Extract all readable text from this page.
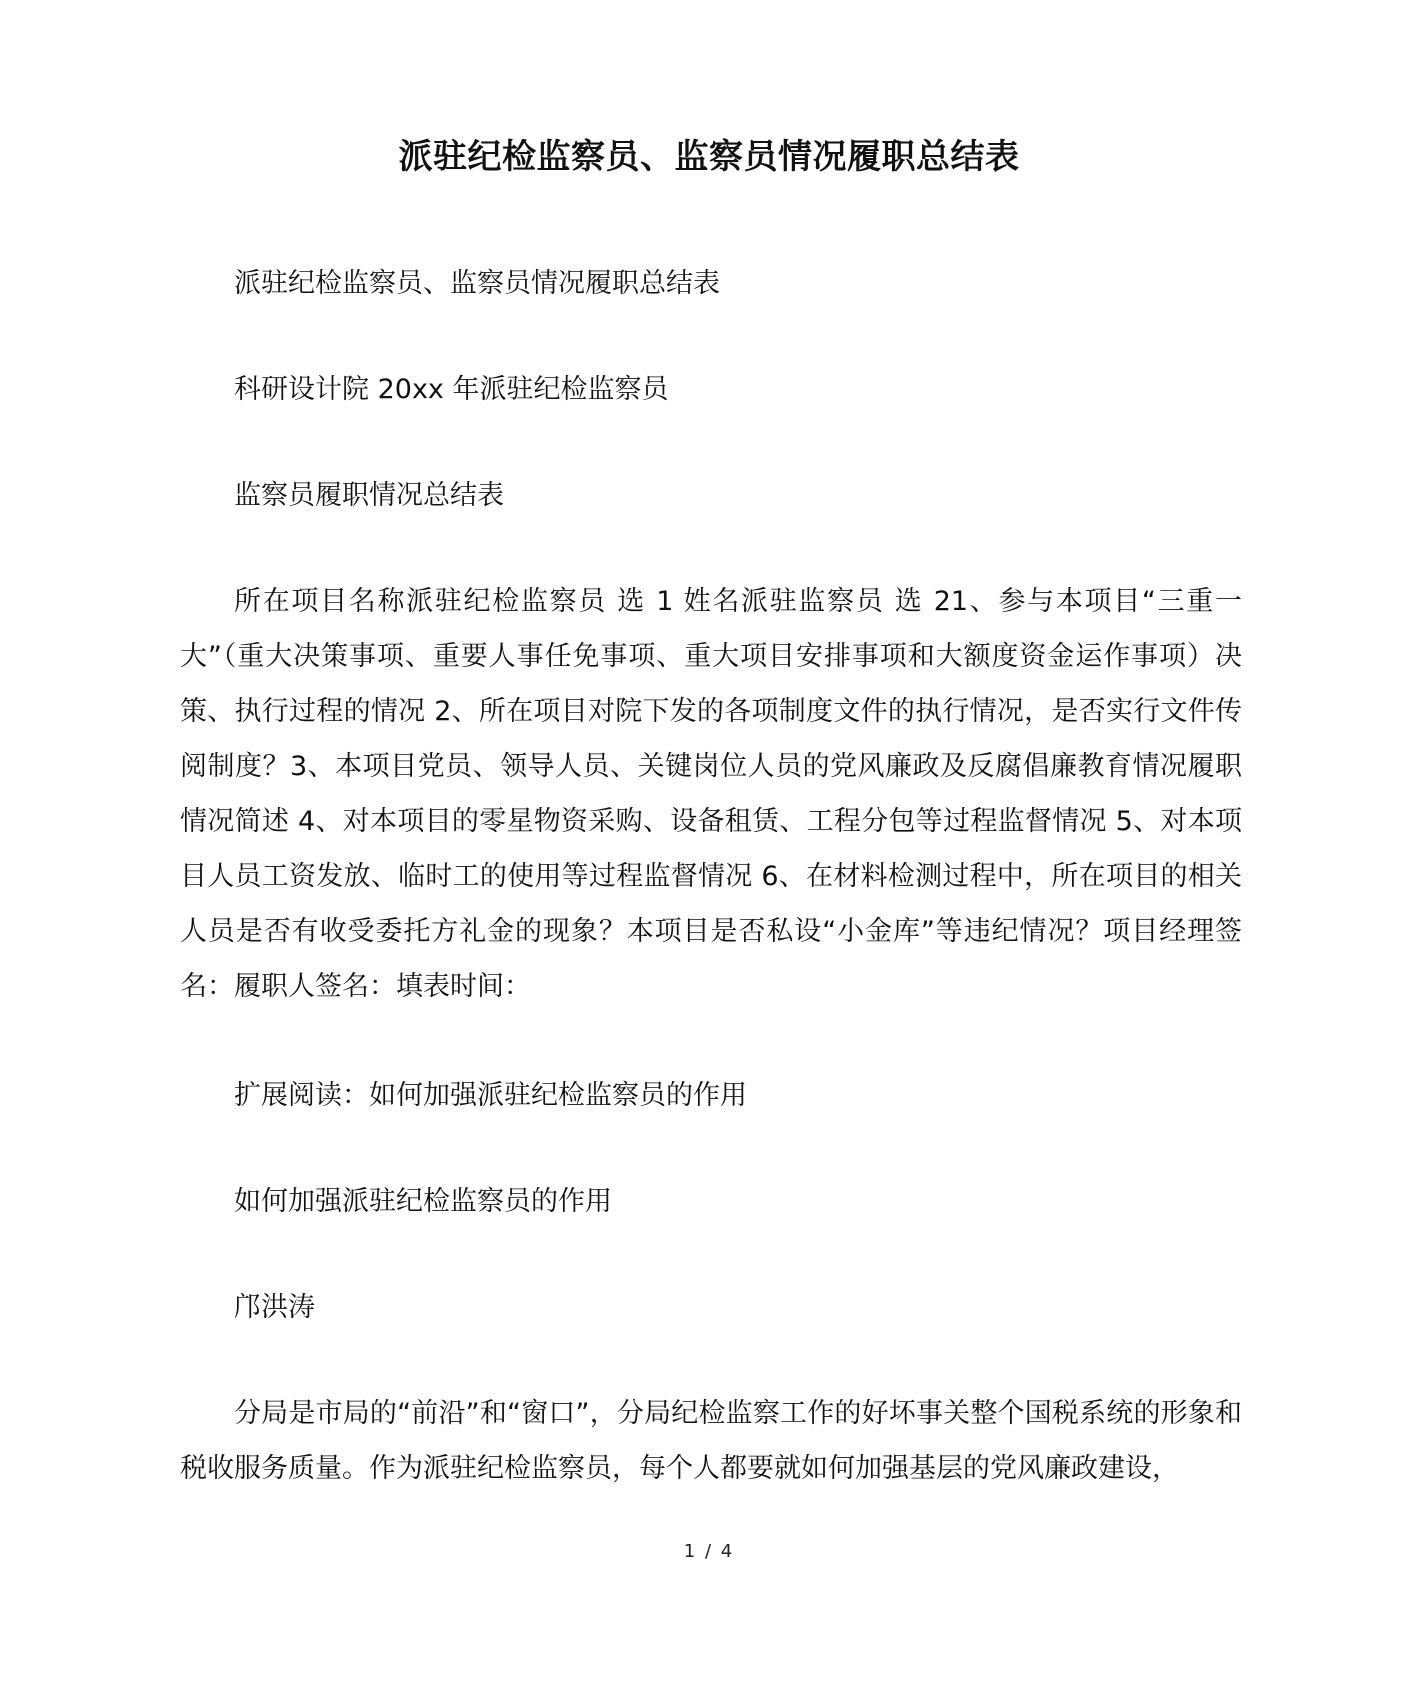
派驻纪检监察员、监察员情况履职总结表

派驻纪检监察员、监察员情况履职总结表

科研设计院 20xx 年派驻纪检监察员

监察员履职情况总结表

所在项目名称派驻纪检监察员 选 1 姓名派驻监察员 选 21、参与本项目“三重一大”（重大决策事项、重要人事任免事项、重大项目安排事项和大额度资金运作事项）决策、执行过程的情况 2、所在项目对院下发的各项制度文件的执行情况，是否实行文件传阅制度？3、本项目党员、领导人员、关键岗位人员的党风廉政及反腐倡廉教育情况履职情况简述 4、对本项目的零星物资采购、设备租赁、工程分包等过程监督情况 5、对本项目人员工资发放、临时工的使用等过程监督情况 6、在材料检测过程中，所在项目的相关人员是否有收受委托方礼金的现象？本项目是否私设“小金库”等违纪情况？项目经理签名：履职人签名：填表时间：

扩展阅读：如何加强派驻纪检监察员的作用

如何加强派驻纪检监察员的作用

邝洪涛

分局是市局的“前沿”和“窗口”，分局纪检监察工作的好坏事关整个国税系统的形象和税收服务质量。作为派驻纪检监察员，每个人都要就如何加强基层的党风廉政建设，

1 / 4
